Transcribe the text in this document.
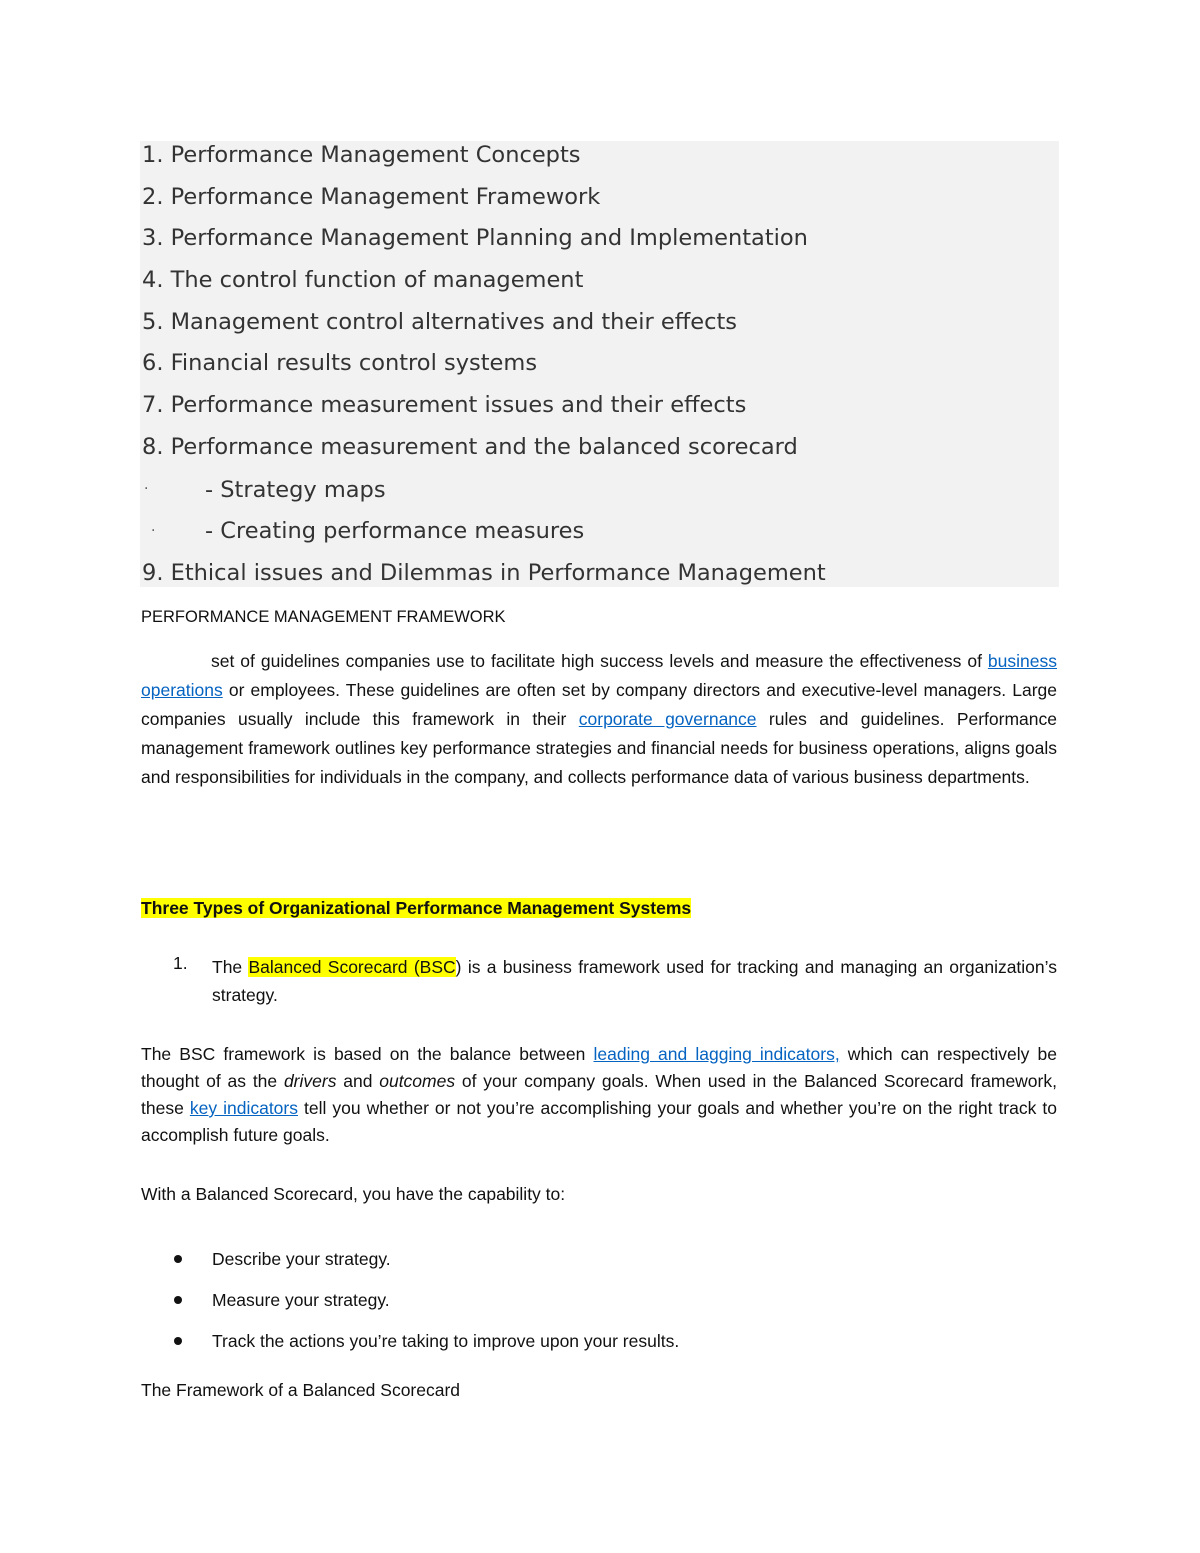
1. Performance Management Concepts
2. Performance Management Framework
3. Performance Management Planning and Implementation
4. The control function of management
5. Management control alternatives and their effects
6. Financial results control systems
7. Performance measurement issues and their effects
8. Performance measurement and the balanced scorecard
·	- Strategy maps
· - Creating performance measures
9. Ethical issues and Dilemmas in Performance Management
PERFORMANCE MANAGEMENT FRAMEWORK

set of guidelines companies use to facilitate high success levels and measure the effectiveness of business operations or employees. These guidelines are often set by company directors and executive-level managers. Large companies usually include this framework in their corporate governance rules and guidelines. Performance management framework outlines key performance strategies and financial needs for business operations, aligns goals and responsibilities for individuals in the company, and collects performance data of various business departments.

Three Types of Organizational Performance Management Systems
1. The Balanced Scorecard (BSC) is a business framework used for tracking and managing an organization’s strategy.

The BSC framework is based on the balance between leading and lagging indicators, which can respectively be thought of as the drivers and outcomes of your company goals. When used in the Balanced Scorecard framework, these key indicators tell you whether or not you’re accomplishing your goals and whether you’re on the right track to accomplish future goals.

With a Balanced Scorecard, you have the capability to:
Describe your strategy.
Measure your strategy.
Track the actions you’re taking to improve upon your results.
The Framework of a Balanced Scorecard
